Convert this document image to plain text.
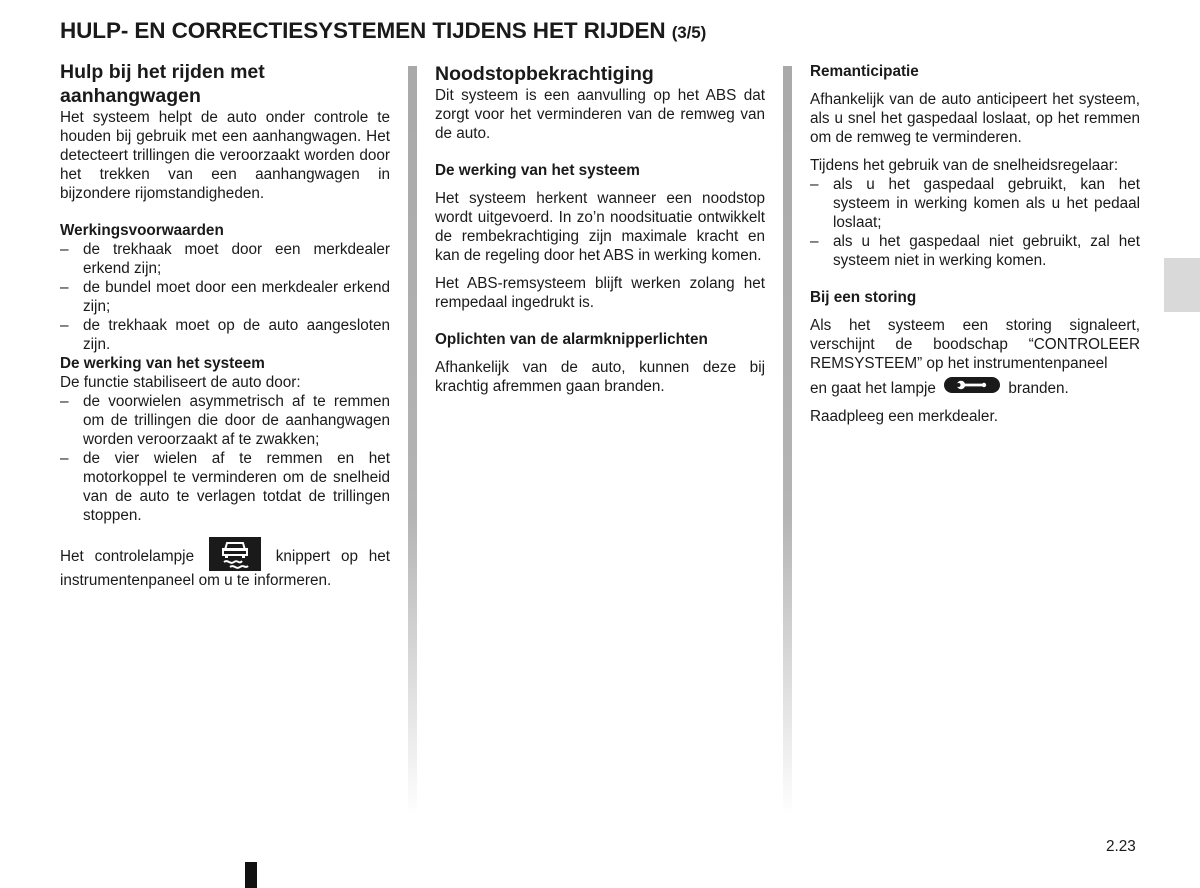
HULP- EN CORRECTIESYSTEMEN TIJDENS HET RIJDEN (3/5)
Hulp bij het rijden met aanhangwagen

Het systeem helpt de auto onder controle te houden bij gebruik met een aanhangwagen. Het detecteert trillingen die veroorzaakt worden door het trekken van een aanhangwagen in bijzondere rijomstandigheden.

Werkingsvoorwaarden
– de trekhaak moet door een merkdealer erkend zijn;
– de bundel moet door een merkdealer erkend zijn;
– de trekhaak moet op de auto aangesloten zijn.
De werking van het systeem

De functie stabiliseert de auto door:

– de voorwielen asymmetrisch af te remmen om de trillingen die door de aanhangwagen worden veroorzaakt af te zwakken;
– de vier wielen af te remmen en het motorkoppel te verminderen om de snelheid van de auto te verlagen totdat de trillingen stoppen.

Het controlelampje	knippert op het instrumentenpaneel om u te informeren.

Noodstopbekrachtiging

Dit systeem is een aanvulling op het ABS dat zorgt voor het verminderen van de remweg van de auto.

De werking van het systeem

Het systeem herkent wanneer een noodstop wordt uitgevoerd. In zo’n noodsituatie ontwikkelt de rembekrachtiging zijn maximale kracht en kan de regeling door het ABS in werking komen.

Het ABS-remsysteem blijft werken zolang het rempedaal ingedrukt is.

Oplichten van de alarmknipperlichten

Afhankelijk van de auto, kunnen deze bij krachtig afremmen gaan branden.

Remanticipatie

Afhankelijk van de auto anticipeert het systeem, als u snel het gaspedaal loslaat, op het remmen om de remweg te verminderen.

Tijdens het gebruik van de snelheidsregelaar:

– als u het gaspedaal gebruikt, kan het systeem in werking komen als u het pedaal loslaat;
– als u het gaspedaal niet gebruikt, zal het systeem niet in werking komen.
Bij een storing

Als het systeem een storing signaleert, verschijnt de boodschap “CONTROLEER REMSYSTEEM” op het instrumentenpaneel

en gaat het lampje	branden.

Raadpleeg een merkdealer.

2.23
